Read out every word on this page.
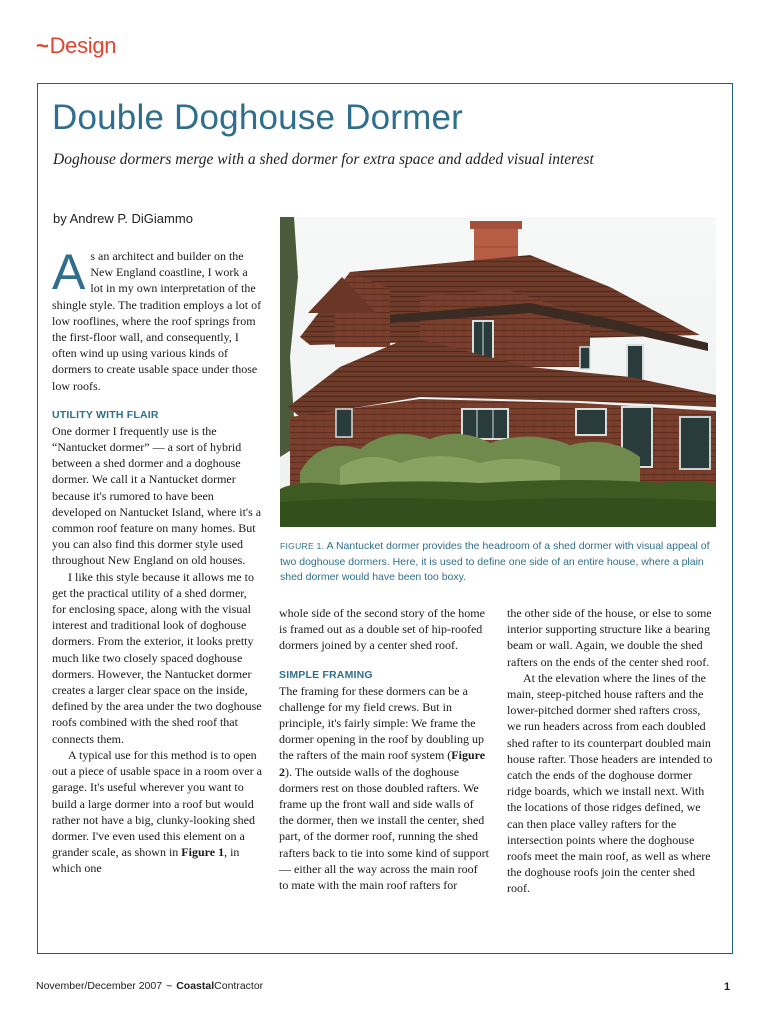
~Design
Double Doghouse Dormer
Doghouse dormers merge with a shed dormer for extra space and added visual interest
by Andrew P. DiGiammo

As an architect and builder on the New England coastline, I work a lot in my own interpretation of the shingle style. The tradition employs a lot of low rooflines, where the roof springs from the first-floor wall, and consequently, I often wind up using various kinds of dormers to create usable space under those low roofs.

UTILITY WITH FLAIR

One dormer I frequently use is the “Nantucket dormer” — a sort of hybrid between a shed dormer and a doghouse dormer. We call it a Nantucket dormer because it's rumored to have been developed on Nantucket Island, where it's a common roof feature on many homes. But you can also find this dormer style used throughout New England on old houses.

I like this style because it allows me to get the practical utility of a shed dormer, for enclosing space, along with the visual interest and traditional look of doghouse dormers. From the exterior, it looks pretty much like two closely spaced doghouse dormers. However, the Nantucket dormer creates a larger clear space on the inside, defined by the area under the two doghouse roofs combined with the shed roof that connects them.

A typical use for this method is to open out a piece of usable space in a room over a garage. It's useful wherever you want to build a large dormer into a roof but would rather not have a big, clunky-looking shed dormer. I've even used this element on a grander scale, as shown in Figure 1, in which one

FIGURE 1. A Nantucket dormer provides the headroom of a shed dormer with visual appeal of two doghouse dormers. Here, it is used to define one side of an entire house, where a plain shed dormer would have been too boxy.

whole side of the second story of the home is framed out as a double set of hip-roofed dormers joined by a center shed roof.

SIMPLE FRAMING

The framing for these dormers can be a challenge for my field crews. But in principle, it's fairly simple: We frame the dormer opening in the roof by doubling up the rafters of the main roof system (Figure 2). The outside walls of the doghouse dormers rest on those doubled rafters. We frame up the front wall and side walls of the dormer, then we install the center, shed part, of the dormer roof, running the shed rafters back to tie into some kind of support — either all the way across the main roof to mate with the main roof rafters for

the other side of the house, or else to some interior supporting structure like a bearing beam or wall. Again, we double the shed rafters on the ends of the center shed roof.

At the elevation where the lines of the main, steep-pitched house rafters and the lower-pitched dormer shed rafters cross, we run headers across from each doubled shed rafter to its counterpart doubled main house rafter. Those headers are intended to catch the ends of the doghouse dormer ridge boards, which we install next. With the locations of those ridges defined, we can then place valley rafters for the intersection points where the doghouse roofs meet the main roof, as well as where the doghouse roofs join the center shed roof.

November/December 2007 ~ CoastalContractor	1
